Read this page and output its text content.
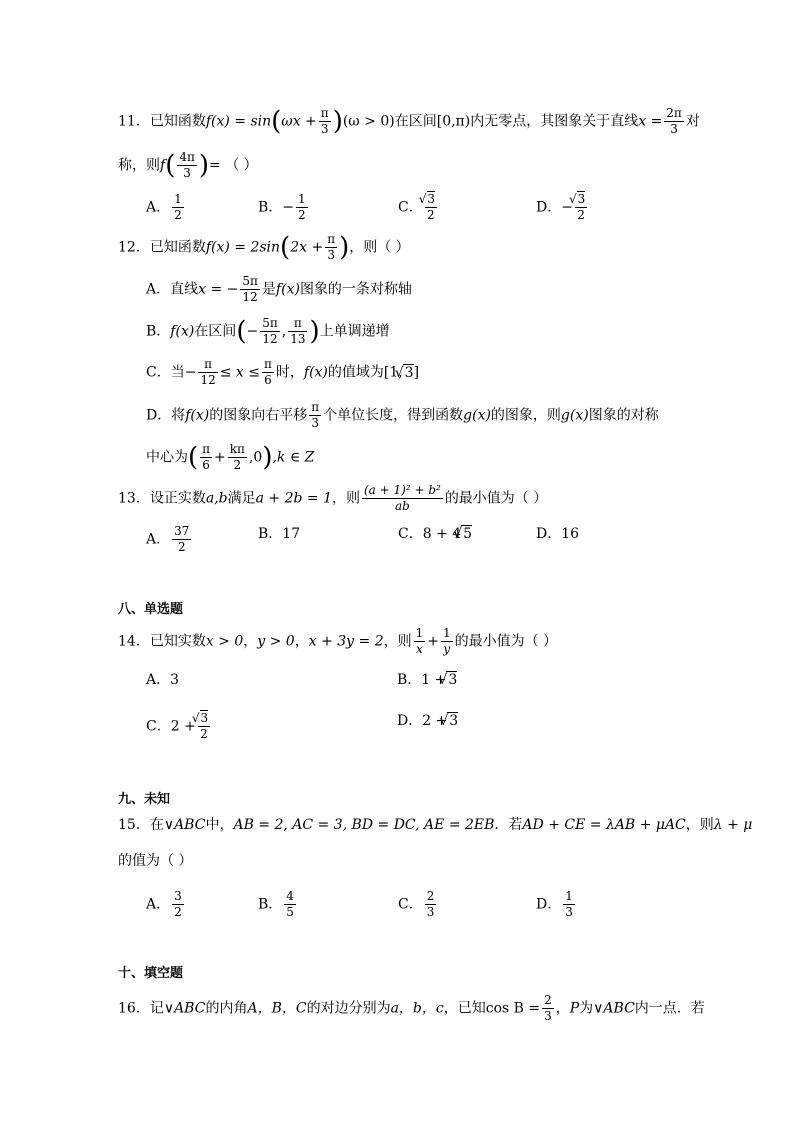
11．已知函数$f(x) = \sin(\omega x + \frac{\pi}{3} )(\omega > 0)$在区间[0,π)内无零点，其图象关于直线$x = \frac{2\pi}{3}$ 对
称，则$f( \frac{4\pi}{3}$ )= （ ）
A． $\frac{1}{2}$	B．− $\frac{1}{2}$	C． √ $\frac{3}{2}$	D．− √ $\frac{3}{2}$
12．已知函数$f(x) = 2\sin(2x + \frac{\pi}{3}$ )，则（ ）
A．直线x = − $\frac{5\pi}{12}$ 是f(x)图象的一条对称轴
B．f(x)在区间(− $\frac{5\pi}{12}$ , $\frac{\pi}{13}$ )上单调递增
C．当− $\frac{\pi}{12} \le x \le \frac{\pi}{6}$ 时，f(x)的值域为[1, √ 3]
D．将f(x)的图象向右平移 $\frac{\pi}{3}$ 个单位长度，得到函数g(x)的图象，则g(x)图象的对称
中心为( $\frac{\pi}{6} + \frac{k\pi}{2} ,0),k$ ∈ Z
13．设正实数a,b满足a + 2b = 1，则 $\frac{\text{(a + 1)² + b²}}{ab}$ 的最小值为（ ）
A． $\frac{37}{2}$	B．17	C．8 + 4 √ 5	D．16
八、单选题
14．已知实数x > 0，y > 0，x + 3y = 2，则 $\frac{1}{x} + \frac{1}{y}$ 的最小值为（ ）
A．3	B．1 + √ 3
C．2 + √ $\frac{3}{2}$	D．2 + √ 3
九、未知
15．在∨ABC中，AB = 2, AC = 3, BD = DC, AE = 2EB．若AD + CE = λAB + μAC，则λ + μ
的值为（ ）
A． $\frac{3}{2}$	B． $\frac{4}{5}$	C． $\frac{2}{3}$	D． $\frac{1}{3}$
十、填空题
16．记∨ABC的内角A，B，C的对边分别为a，b，c，已知$\cos B = \frac{2}{3}$ ，P为∨ABC内一点．若
